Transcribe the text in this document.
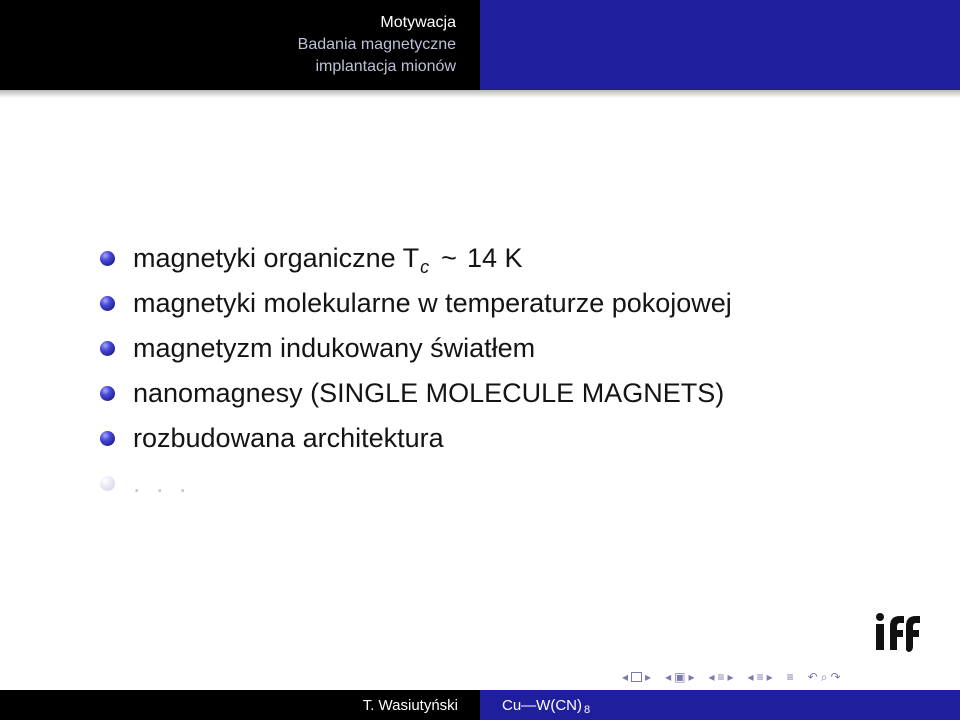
Motywacja
Badania magnetyczne
implantacja mionów
magnetyki organiczne $T_c$ ~ 14 K
magnetyki molekularne w temperaturze pokojowej
magnetyzm indukowany światłem
nanomagnesy (SINGLE MOLECULE MAGNETS)
rozbudowana architektura
. . .
◂ ▸ ◂ ▣ ▸ ◂ ≡ ▸ ◂ ≡ ▸ ≡ ↶ ⌕ ↷
T. Wasiutyński	Cu—W(CN) 8
